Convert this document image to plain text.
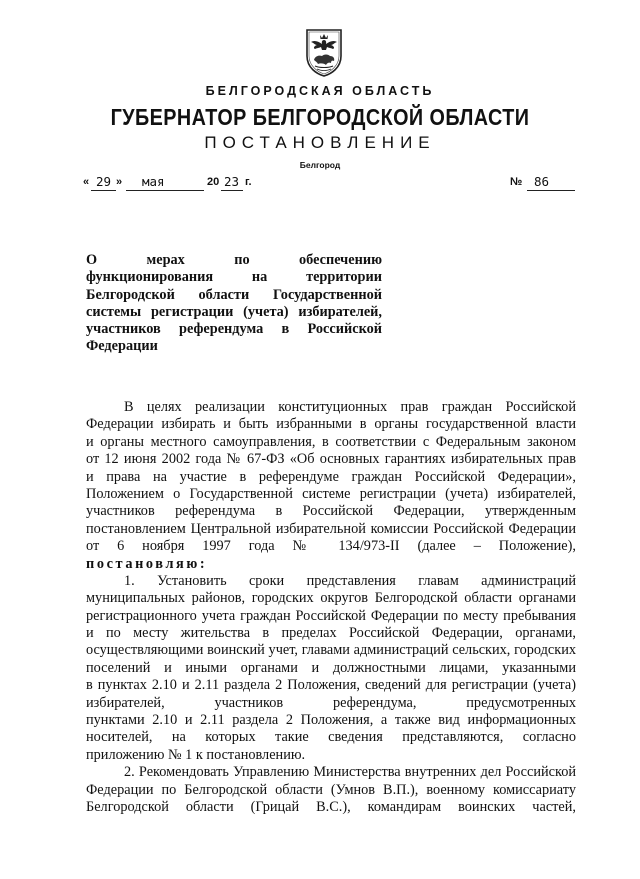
БЕЛГОРОДСКАЯ ОБЛАСТЬ
ГУБЕРНАТОР БЕЛГОРОДСКОЙ ОБЛАСТИ
ПОСТАНОВЛЕНИЕ
Белгород
« 29 » мая	20 23 г.	№ 86
О мерах по обеспечению
функционирования на территории
Белгородской области Государственной
системы регистрации (учета) избирателей,
участников референдума в Российской
Федерации
В целях реализации конституционных прав граждан Российской
Федерации избирать и быть избранными в органы государственной власти
и органы местного самоуправления, в соответствии с Федеральным законом
от 12 июня 2002 года № 67-ФЗ «Об основных гарантиях избирательных прав
и права на участие в референдуме граждан Российской Федерации»,
Положением о Государственной системе регистрации (учета) избирателей,
участников референдума в Российской Федерации, утвержденным
постановлением Центральной избирательной комиссии Российской Федерации
от 6 ноября 1997 года № 134/973-II (далее – Положение),
постановляю:
1. Установить сроки представления главам администраций
муниципальных районов, городских округов Белгородской области органами
регистрационного учета граждан Российской Федерации по месту пребывания
и по месту жительства в пределах Российской Федерации, органами,
осуществляющими воинский учет, главами администраций сельских, городских
поселений и иными органами и должностными лицами, указанными
в пунктах 2.10 и 2.11 раздела 2 Положения, сведений для регистрации (учета)
избирателей, участников референдума, предусмотренных
пунктами 2.10 и 2.11 раздела 2 Положения, а также вид информационных
носителей, на которых такие сведения представляются, согласно
приложению № 1 к постановлению.
2. Рекомендовать Управлению Министерства внутренних дел Российской
Федерации по Белгородской области (Умнов В.П.), военному комиссариату
Белгородской области (Грицай В.С.), командирам воинских частей,
